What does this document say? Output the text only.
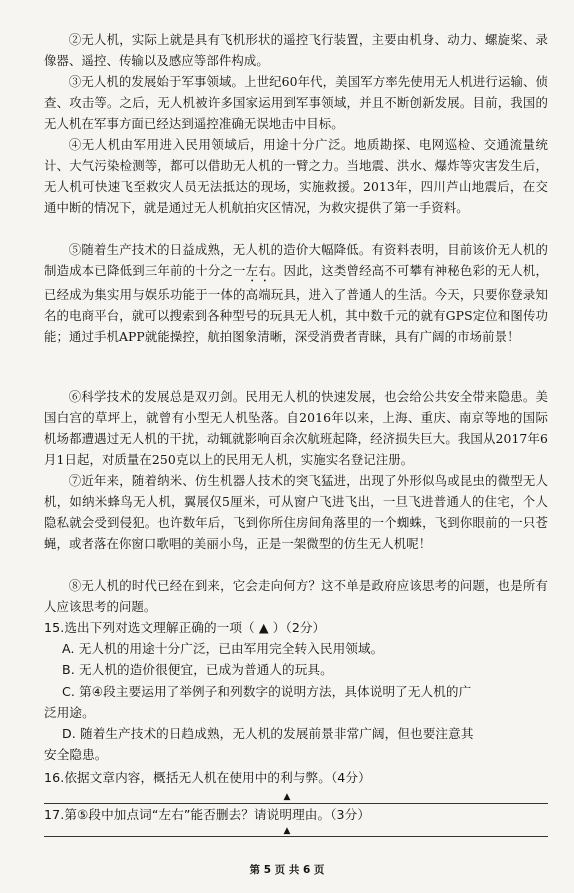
②无人机，实际上就是具有飞机形状的遥控飞行装置，主要由机身、动力、螺旋桨、录像器、遥控、传输以及感应等部件构成。

③无人机的发展始于军事领域。上世纪60年代，美国军方率先使用无人机进行运输、侦查、攻击等。之后，无人机被许多国家运用到军事领域，并且不断创新发展。目前，我国的无人机在军事方面已经达到遥控准确无误地击中目标。

④无人机由军用进入民用领域后，用途十分广泛。地质勘探、电网巡检、交通流量统计、大气污染检测等，都可以借助无人机的一臂之力。当地震、洪水、爆炸等灾害发生后，无人机可快速飞至救灾人员无法抵达的现场，实施救援。2013年，四川芦山地震后，在交通中断的情况下，就是通过无人机航拍灾区情况，为救灾提供了第一手资料。

⑤随着生产技术的日益成熟，无人机的造价大幅降低。有资料表明，目前该价无人机的制造成本已降低到三年前的十分之一左右。因此，这类曾经高不可攀有神秘色彩的无人机，已经成为集实用与娱乐功能于一体的高端玩具，进入了普通人的生活。今天，只要你登录知名的电商平台，就可以搜索到各种型号的玩具无人机，其中数千元的就有GPS定位和图传功能；通过手机APP就能操控，航拍图象清晰，深受消费者青睐，具有广阔的市场前景！

⑥科学技术的发展总是双刃剑。民用无人机的快速发展，也会给公共安全带来隐患。美国白宫的草坪上，就曾有小型无人机坠落。自2016年以来，上海、重庆、南京等地的国际机场都遭遇过无人机的干扰，动辄就影响百余次航班起降，经济损失巨大。我国从2017年6月1日起，对质量在250克以上的民用无人机，实施实名登记注册。

⑦近年来，随着纳米、仿生机器人技术的突飞猛进，出现了外形似鸟或昆虫的微型无人机，如纳米蜂鸟无人机，翼展仅5厘米，可从窗户飞进飞出，一旦飞进普通人的住宅，个人隐私就会受到侵犯。也许数年后，飞到你所住房间角落里的一个蜘蛛，飞到你眼前的一只苍蝇，或者落在你窗口歌唱的美丽小鸟，正是一架微型的仿生无人机呢！

⑧无人机的时代已经在到来，它会走向何方？这不单是政府应该思考的问题，也是所有人应该思考的问题。

15.选出下列对选文理解正确的一项（ ▲ ）（2分）

A. 无人机的用途十分广泛，已由军用完全转入民用领域。

B. 无人机的造价很便宜，已成为普通人的玩具。

C. 第④段主要运用了举例子和列数字的说明方法，具体说明了无人机的广

泛用途。

D. 随着生产技术的日趋成熟，无人机的发展前景非常广阔，但也要注意其

安全隐患。

16.依据文章内容，概括无人机在使用中的利与弊。（4分）

▲

17.第⑤段中加点词“左右”能否删去？请说明理由。（3分）

▲
第 5 页 共 6 页
